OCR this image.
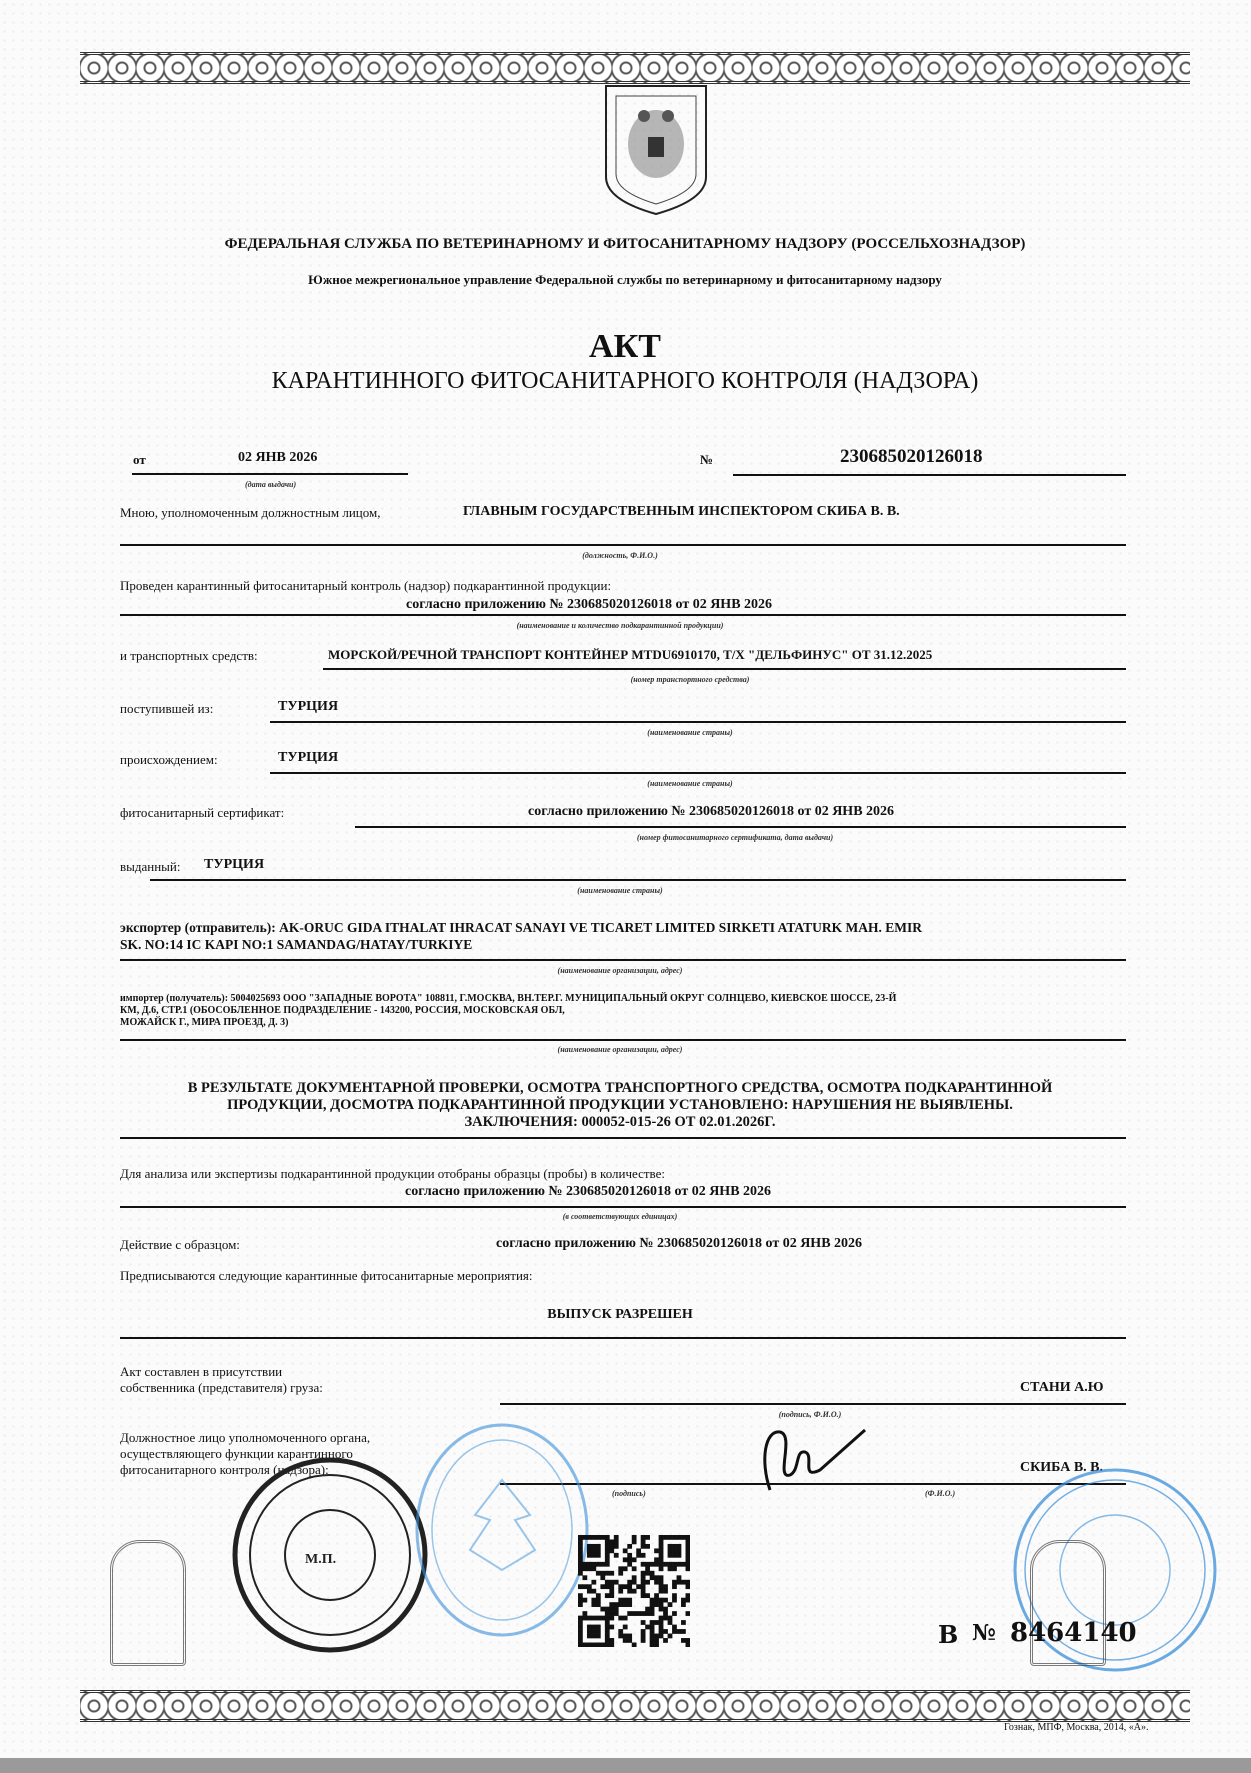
ФЕДЕРАЛЬНАЯ СЛУЖБА ПО ВЕТЕРИНАРНОМУ И ФИТОСАНИТАРНОМУ НАДЗОРУ (РОССЕЛЬХОЗНАДЗОР)
Южное межрегиональное управление Федеральной службы по ветеринарному и фитосанитарному надзору
АКТ
КАРАНТИННОГО ФИТОСАНИТАРНОГО КОНТРОЛЯ (НАДЗОРА)
от	02 ЯНВ 2026
(дата выдачи)
№	230685020126018
Мною, уполномоченным должностным лицом,	ГЛАВНЫМ ГОСУДАРСТВЕННЫМ ИНСПЕКТОРОМ СКИБА В. В.
(должность, Ф.И.О.)
Проведен карантинный фитосанитарный контроль (надзор) подкарантинной продукции:
согласно приложению № 230685020126018 от 02 ЯНВ 2026
(наименование и количество подкарантинной продукции)
и транспортных средств:	МОРСКОЙ/РЕЧНОЙ ТРАНСПОРТ КОНТЕЙНЕР MTDU6910170, Т/Х "ДЕЛЬФИНУС" ОТ 31.12.2025
(номер транспортного средства)
поступившей из:	ТУРЦИЯ
(наименование страны)
происхождением:	ТУРЦИЯ
(наименование страны)
фитосанитарный сертификат:	согласно приложению № 230685020126018 от 02 ЯНВ 2026
(номер фитосанитарного сертификата, дата выдачи)
выданный: ТУРЦИЯ
(наименование страны)
экспортер (отправитель): AK-ORUC GIDA ITHALAT IHRACAT SANAYI VE TICARET LIMITED SIRKETI ATATURK MAH. EMIR
SK. NO:14 IC KAPI NO:1 SAMANDAG/HATAY/TURKIYE
(наименование организации, адрес)
импортер (получатель): 5004025693 ООО "ЗАПАДНЫЕ ВОРОТА" 108811, Г.МОСКВА, ВН.ТЕР.Г. МУНИЦИПАЛЬНЫЙ ОКРУГ СОЛНЦЕВО, КИЕВСКОЕ ШОССЕ, 23-Й
КМ, Д.6, СТР.1 (ОБОСОБЛЕННОЕ ПОДРАЗДЕЛЕНИЕ - 143200, РОССИЯ, МОСКОВСКАЯ ОБЛ,
МОЖАЙСК Г., МИРА ПРОЕЗД, Д. 3)
(наименование организации, адрес)
В РЕЗУЛЬТАТЕ ДОКУМЕНТАРНОЙ ПРОВЕРКИ, ОСМОТРА ТРАНСПОРТНОГО СРЕДСТВА, ОСМОТРА ПОДКАРАНТИННОЙ
ПРОДУКЦИИ, ДОСМОТРА ПОДКАРАНТИННОЙ ПРОДУКЦИИ УСТАНОВЛЕНО: НАРУШЕНИЯ НЕ ВЫЯВЛЕНЫ.
ЗАКЛЮЧЕНИЯ: 000052-015-26 ОТ 02.01.2026Г.
Для анализа или экспертизы подкарантинной продукции отобраны образцы (пробы) в количестве:
согласно приложению № 230685020126018 от 02 ЯНВ 2026
(в соответствующих единицах)
Действие с образцом:	согласно приложению № 230685020126018 от 02 ЯНВ 2026
Предписываются следующие карантинные фитосанитарные мероприятия:
ВЫПУСК РАЗРЕШЕН
Акт составлен в присутствии
собственника (представителя) груза:	СТАНИ А.Ю
(подпись, Ф.И.О.)
Должностное лицо уполномоченного органа,
осуществляющего функции карантинного
фитосанитарного контроля (надзора):	СКИБА В. В.
(подпись)	(Ф.И.О.)
М.П.
В № 8464140
Гознак, МПФ, Москва, 2014, «А».
